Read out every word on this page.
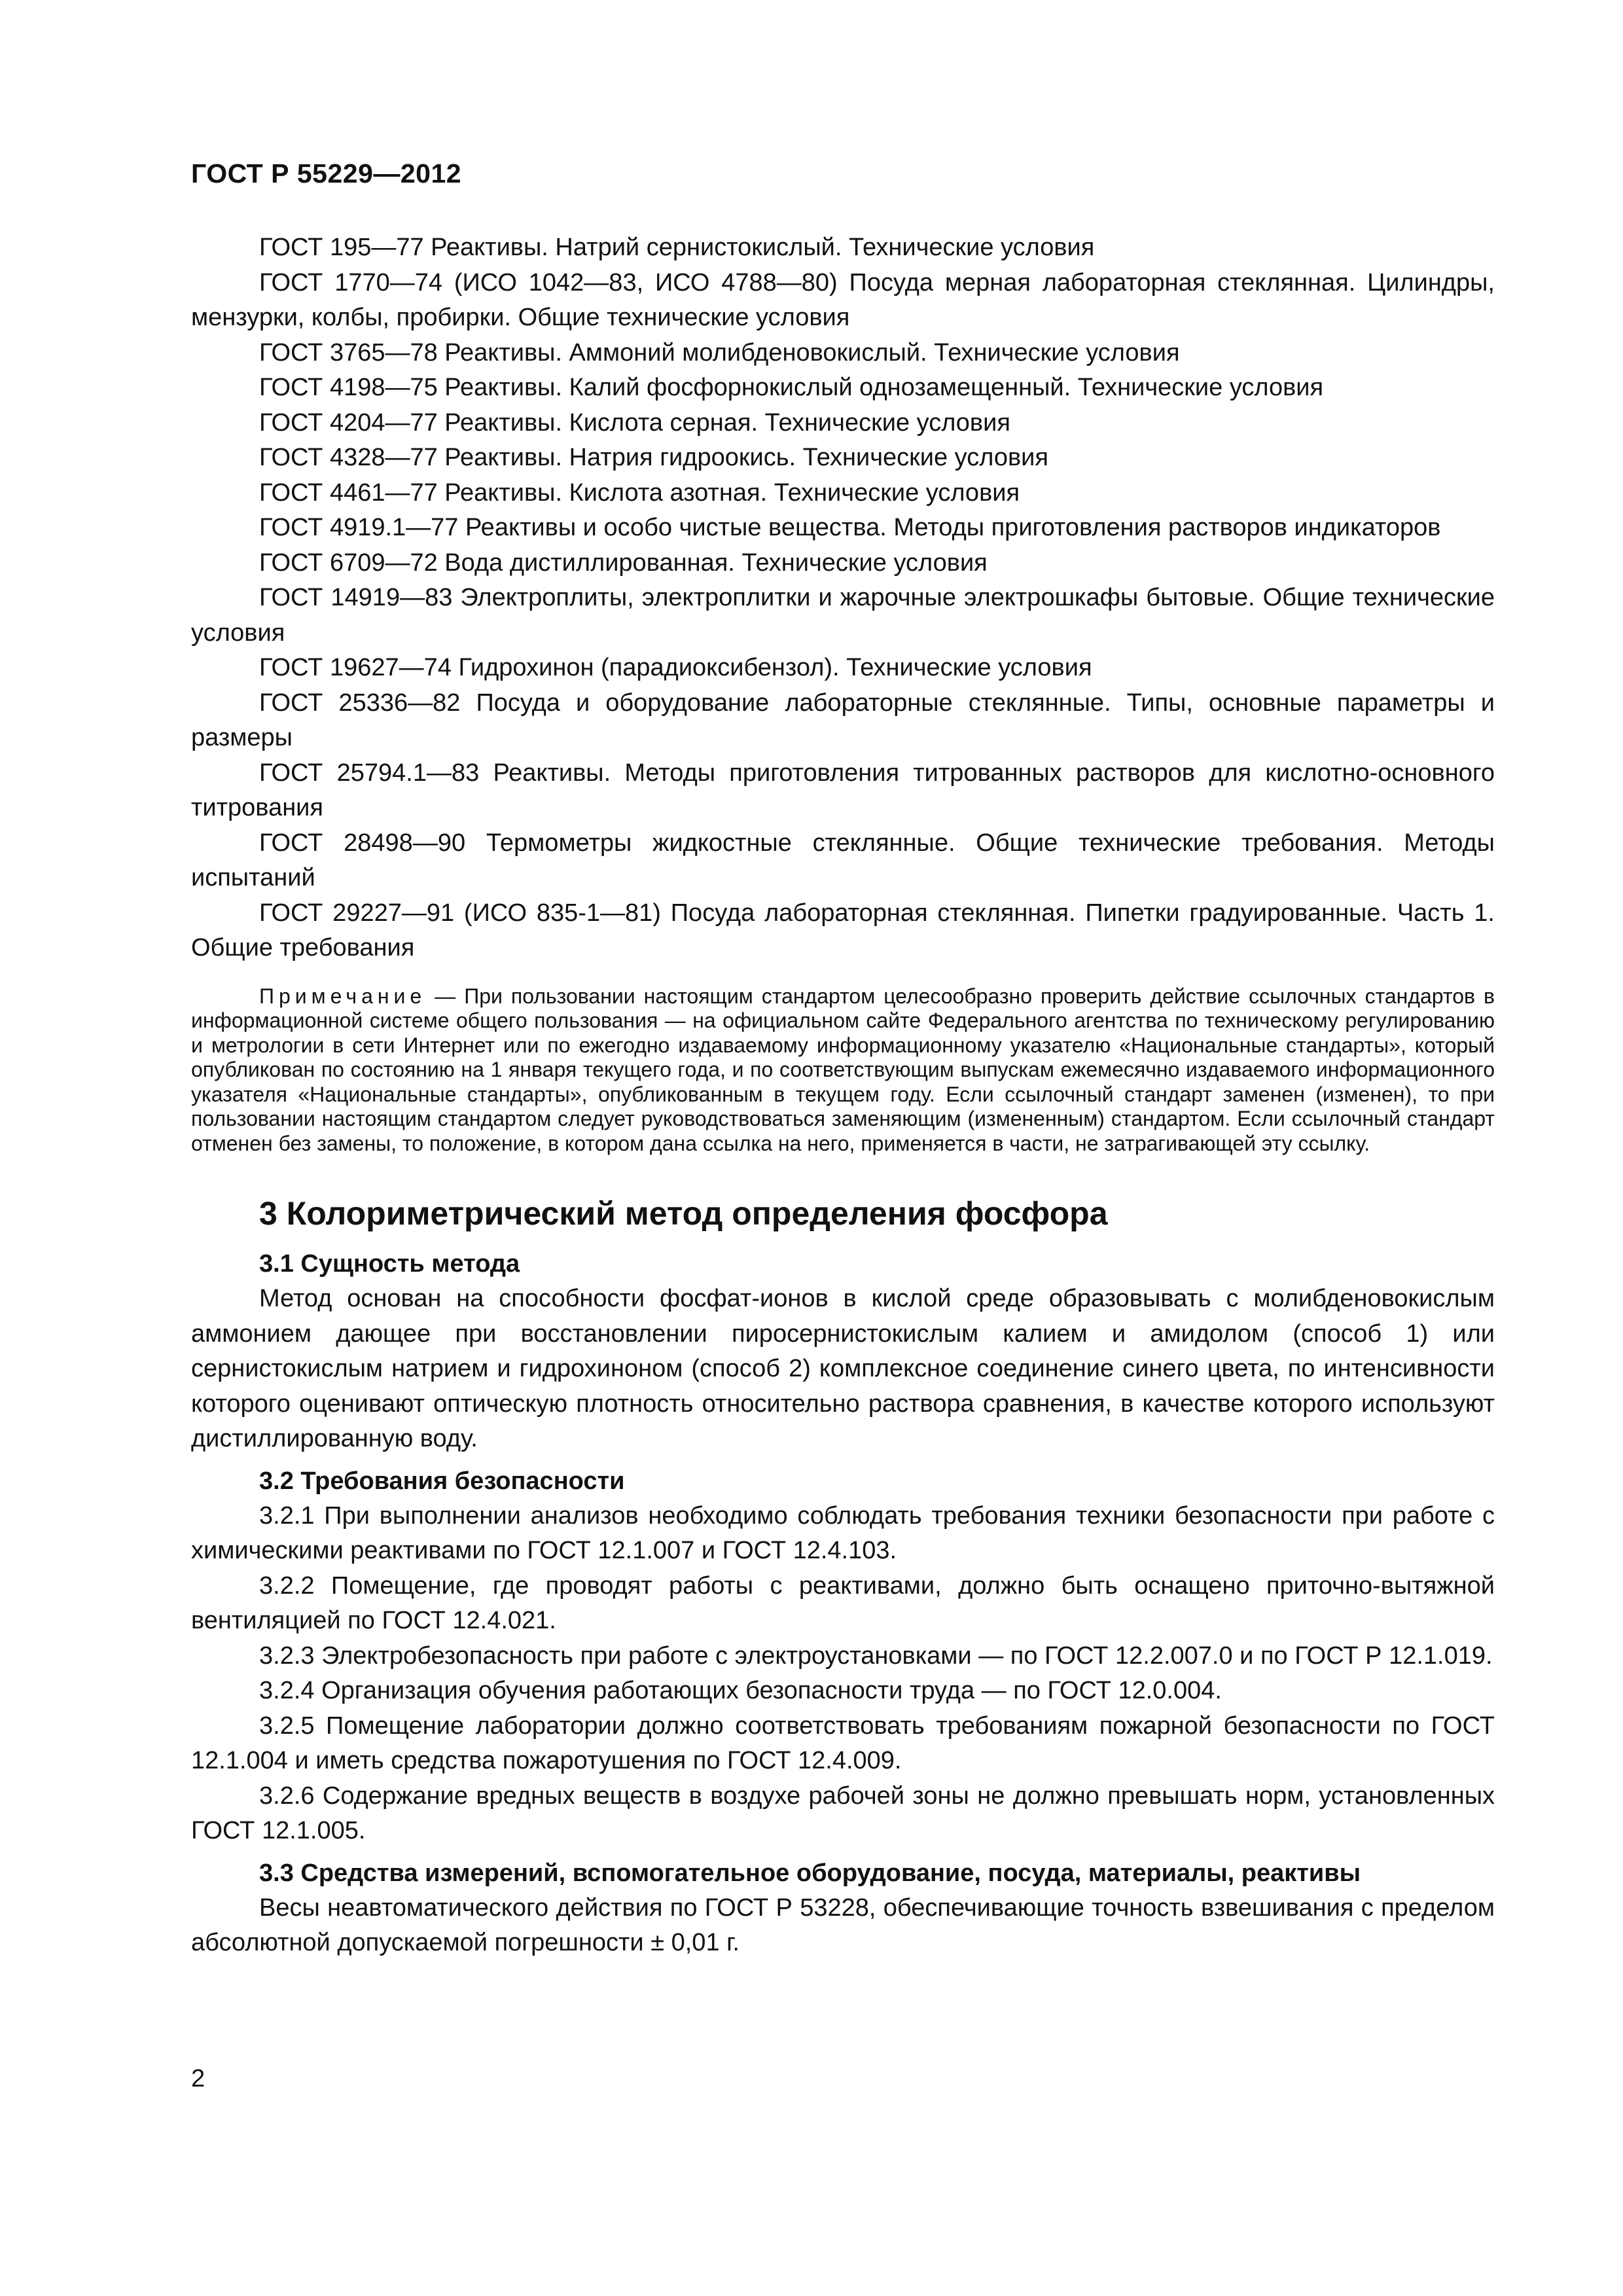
ГОСТ Р 55229—2012

ГОСТ 195—77 Реактивы. Натрий сернистокислый. Технические условия

ГОСТ 1770—74 (ИСО 1042—83, ИСО 4788—80) Посуда мерная лабораторная стеклянная. Цилиндры, мензурки, колбы, пробирки. Общие технические условия

ГОСТ 3765—78 Реактивы. Аммоний молибденовокислый. Технические условия

ГОСТ 4198—75 Реактивы. Калий фосфорнокислый однозамещенный. Технические условия

ГОСТ 4204—77 Реактивы. Кислота серная. Технические условия

ГОСТ 4328—77 Реактивы. Натрия гидроокись. Технические условия

ГОСТ 4461—77 Реактивы. Кислота азотная. Технические условия

ГОСТ 4919.1—77 Реактивы и особо чистые вещества. Методы приготовления растворов индикаторов

ГОСТ 6709—72 Вода дистиллированная. Технические условия

ГОСТ 14919—83 Электроплиты, электроплитки и жарочные электрошкафы бытовые. Общие технические условия

ГОСТ 19627—74 Гидрохинон (парадиоксибензол). Технические условия

ГОСТ 25336—82 Посуда и оборудование лабораторные стеклянные. Типы, основные параметры и размеры

ГОСТ 25794.1—83 Реактивы. Методы приготовления титрованных растворов для кислотно-основного титрования

ГОСТ 28498—90 Термометры жидкостные стеклянные. Общие технические требования. Методы испытаний

ГОСТ 29227—91 (ИСО 835-1—81) Посуда лабораторная стеклянная. Пипетки градуированные. Часть 1. Общие требования

Примечание — При пользовании настоящим стандартом целесообразно проверить действие ссылочных стандартов в информационной системе общего пользования — на официальном сайте Федерального агентства по техническому регулированию и метрологии в сети Интернет или по ежегодно издаваемому информационному указателю «Национальные стандарты», который опубликован по состоянию на 1 января текущего года, и по соответствующим выпускам ежемесячно издаваемого информационного указателя «Национальные стандарты», опубликованным в текущем году. Если ссылочный стандарт заменен (изменен), то при пользовании настоящим стандартом следует руководствоваться заменяющим (измененным) стандартом. Если ссылочный стандарт отменен без замены, то положение, в котором дана ссылка на него, применяется в части, не затрагивающей эту ссылку.

3 Колориметрический метод определения фосфора
3.1 Сущность метода

Метод основан на способности фосфат-ионов в кислой среде образовывать с молибденовокислым аммонием дающее при восстановлении пиросернистокислым калием и амидолом (способ 1) или сернистокислым натрием и гидрохиноном (способ 2) комплексное соединение синего цвета, по интенсивности которого оценивают оптическую плотность относительно раствора сравнения, в качестве которого используют дистиллированную воду.

3.2 Требования безопасности

3.2.1 При выполнении анализов необходимо соблюдать требования техники безопасности при работе с химическими реактивами по ГОСТ 12.1.007 и ГОСТ 12.4.103.

3.2.2 Помещение, где проводят работы с реактивами, должно быть оснащено приточно-вытяжной вентиляцией по ГОСТ 12.4.021.

3.2.3 Электробезопасность при работе с электроустановками — по ГОСТ 12.2.007.0 и по ГОСТ Р 12.1.019.

3.2.4 Организация обучения работающих безопасности труда — по ГОСТ 12.0.004.

3.2.5 Помещение лаборатории должно соответствовать требованиям пожарной безопасности по ГОСТ 12.1.004 и иметь средства пожаротушения по ГОСТ 12.4.009.

3.2.6 Содержание вредных веществ в воздухе рабочей зоны не должно превышать норм, установленных ГОСТ 12.1.005.

3.3 Средства измерений, вспомогательное оборудование, посуда, материалы, реактивы

Весы неавтоматического действия по ГОСТ Р 53228, обеспечивающие точность взвешивания с пределом абсолютной допускаемой погрешности ± 0,01 г.

2
